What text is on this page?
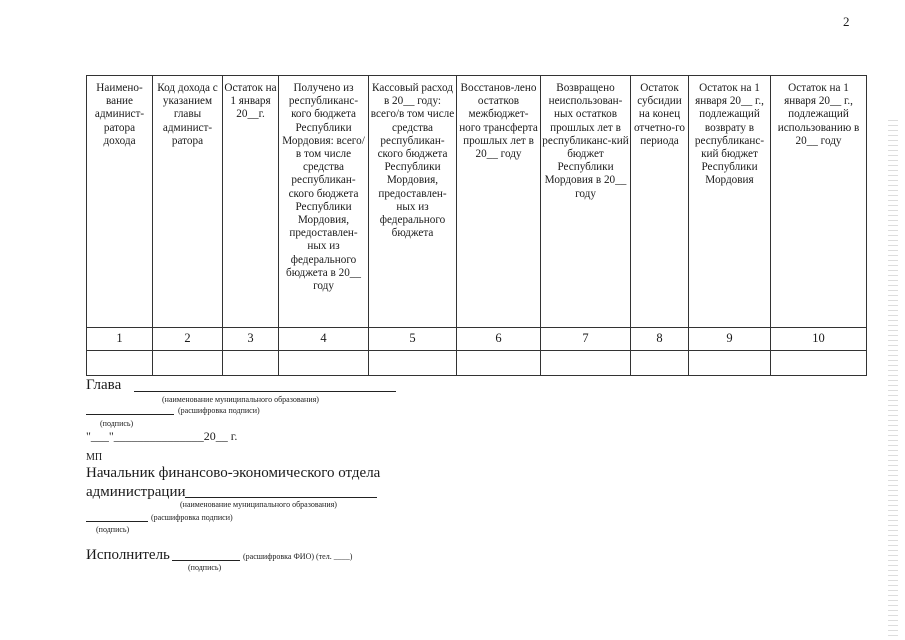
2
Наимено-вание админист-ратора дохода	Код дохода с указанием главы админист-ратора	Остаток на 1 января 20__г.	Получено из республиканс-кого бюджета Республики Мордовия: всего/в том числе средства республикан-ского бюджета Республики Мордовия, предоставлен-ных из федерального бюджета в 20__ году	Кассовый расход в 20__ году: всего/в том числе средства республикан-ского бюджета Республики Мордовия, предоставлен-ных из федерального бюджета	Восстанов-лено остатков межбюджет-ного трансферта прошлых лет в 20__ году	Возвращено неиспользован-ных остатков прошлых лет в республиканс-кий бюджет Республики Мордовия в 20__ году	Остаток субсидии на конец отчетно-го периода	Остаток на 1 января 20__ г., подлежащий возврату в республиканс-кий бюджет Республики Мордовия	Остаток на 1 января 20__ г., подлежащий использованию в 20__ году
1	2	3	4	5	6	7	8	9	10

Глава
(наименование муниципального образования)
(расшифровка подписи)
(подпись)
"___"_______________20__ г.
МП
Начальник финансово-экономического отдела
администрации
(наименование муниципального образования)
(расшифровка подписи)
(подпись)
Исполнитель	(расшифровка ФИО) (тел. ____)
(подпись)
